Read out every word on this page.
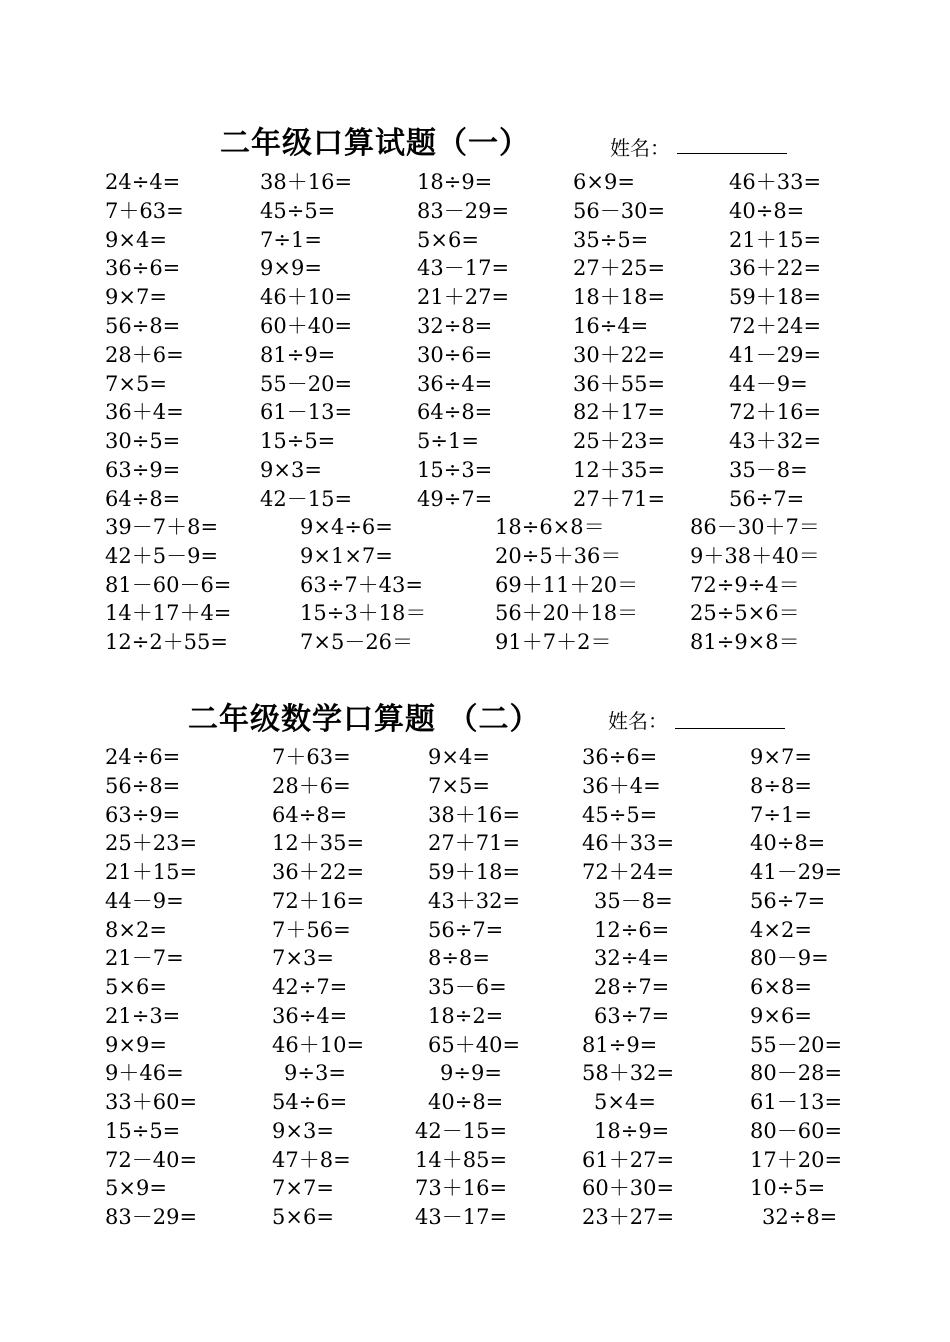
二年级口算试题（一）	姓名：
24÷4=	38＋16=	18÷9=	6×9=	46＋33=
7＋63=	45÷5=	83－29=	56－30=	40÷8=
9×4=	7÷1=	5×6=	35÷5=	21＋15=
36÷6=	9×9=	43－17=	27＋25=	36＋22=
9×7=	46＋10=	21＋27=	18＋18=	59＋18=
56÷8=	60＋40=	32÷8=	16÷4=	72＋24=
28＋6=	81÷9=	30÷6=	30＋22=	41－29=
7×5=	55－20=	36÷4=	36＋55=	44－9=
36＋4=	61－13=	64÷8=	82＋17=	72＋16=
30÷5=	15÷5=	5÷1=	25＋23=	43＋32=
63÷9=	9×3=	15÷3=	12＋35=	35－8=
64÷8=	42－15=	49÷7=	27＋71=	56÷7=
39－7＋8=	9×4÷6=	18÷6×8＝	86－30＋7＝
42＋5－9=	9×1×7=	20÷5＋36＝	9＋38＋40＝
81－60－6=	63÷7＋43=	69＋11＋20＝ 72÷9÷4＝
14＋17＋4=	15÷3＋18＝	56＋20＋18＝ 25÷5×6＝
12÷2＋55=	7×5－26＝	91＋7＋2＝	81÷9×8＝
二年级数学口算题 （二）	姓名：
24÷6=	7＋63=	9×4=	36÷6=	9×7=
56÷8=	28＋6=	7×5=	36＋4=	8÷8=
63÷9=	64÷8=	38＋16=	45÷5=	7÷1=
25＋23=	12＋35=	27＋71=	46＋33=	40÷8=
21＋15=	36＋22=	59＋18=	72＋24=	41－29=
44－9=	72＋16=	43＋32=	35－8=	56÷7=
8×2=	7＋56=	56÷7=	12÷6=	4×2=
21－7=	7×3=	8÷8=	32÷4=	80－9=
5×6=	42÷7=	35－6=	28÷7=	6×8=
21÷3=	36÷4=	18÷2=	63÷7=	9×6=
9×9=	46＋10=	65＋40=	81÷9=	55－20=
9＋46=	9÷3=	9÷9=	58＋32=	80－28=
33＋60=	54÷6=	40÷8=	5×4=	61－13=
15÷5=	9×3=	42－15=	18÷9=	80－60=
72－40=	47＋8=	14＋85=	61＋27=	17＋20=
5×9=	7×7=	73＋16=	60＋30=	10÷5=
83－29=	5×6=	43－17=	23＋27=	32÷8=
